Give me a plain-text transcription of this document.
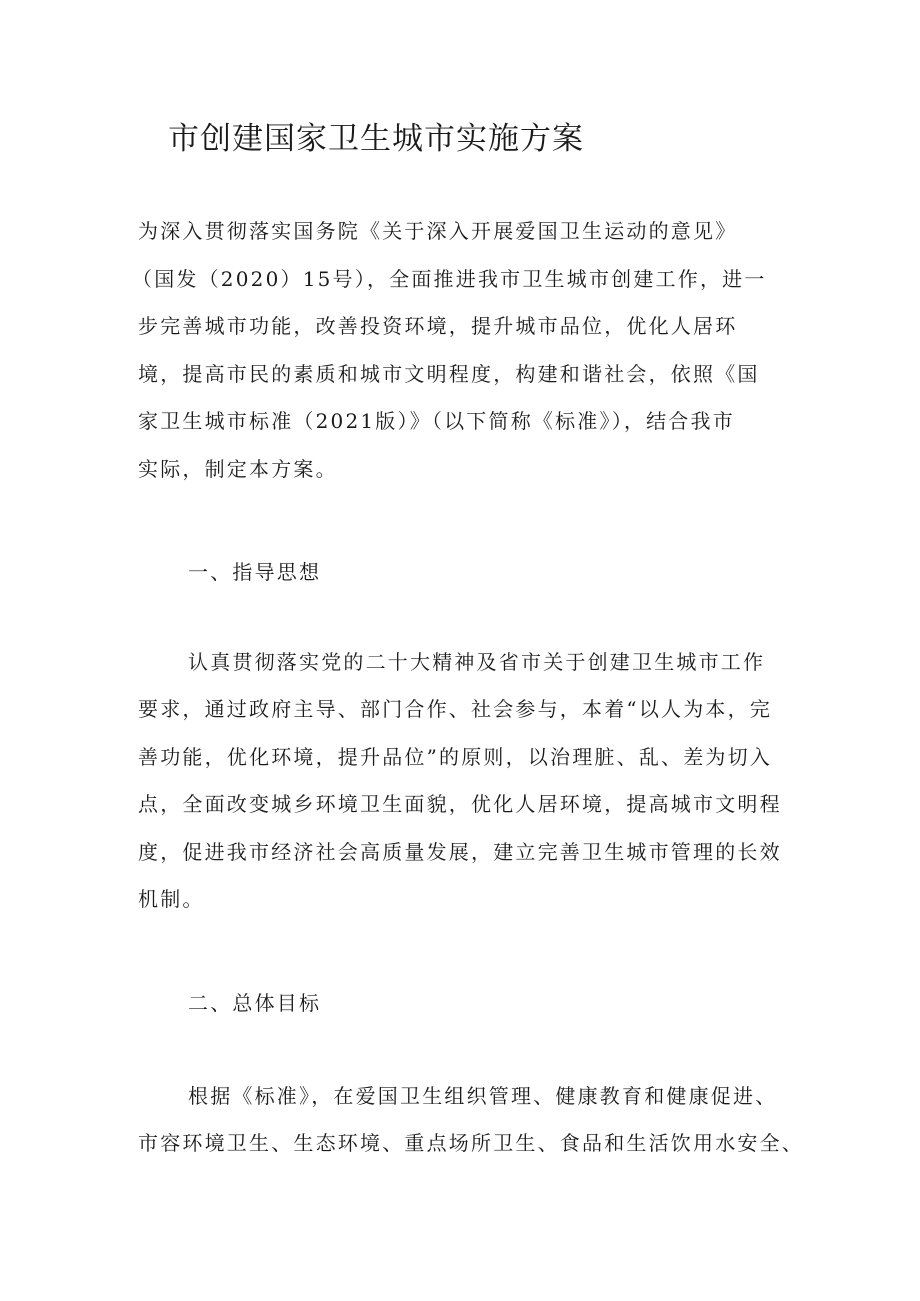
市创建国家卫生城市实施方案

为深入贯彻落实国务院《关于深入开展爱国卫生运动的意见》

（国发（2020）15号），全面推进我市卫生城市创建工作，进一

步完善城市功能，改善投资环境，提升城市品位，优化人居环

境，提高市民的素质和城市文明程度，构建和谐社会，依照《国

家卫生城市标准（2021版）》（以下简称《标准》），结合我市

实际，制定本方案。

一、指导思想

认真贯彻落实党的二十大精神及省市关于创建卫生城市工作

要求，通过政府主导、部门合作、社会参与，本着“以人为本，完

善功能，优化环境，提升品位”的原则，以治理脏、乱、差为切入

点，全面改变城乡环境卫生面貌，优化人居环境，提高城市文明程

度，促进我市经济社会高质量发展，建立完善卫生城市管理的长效

机制。

二、总体目标

根据《标准》，在爱国卫生组织管理、健康教育和健康促进、

市容环境卫生、生态环境、重点场所卫生、食品和生活饮用水安全、
